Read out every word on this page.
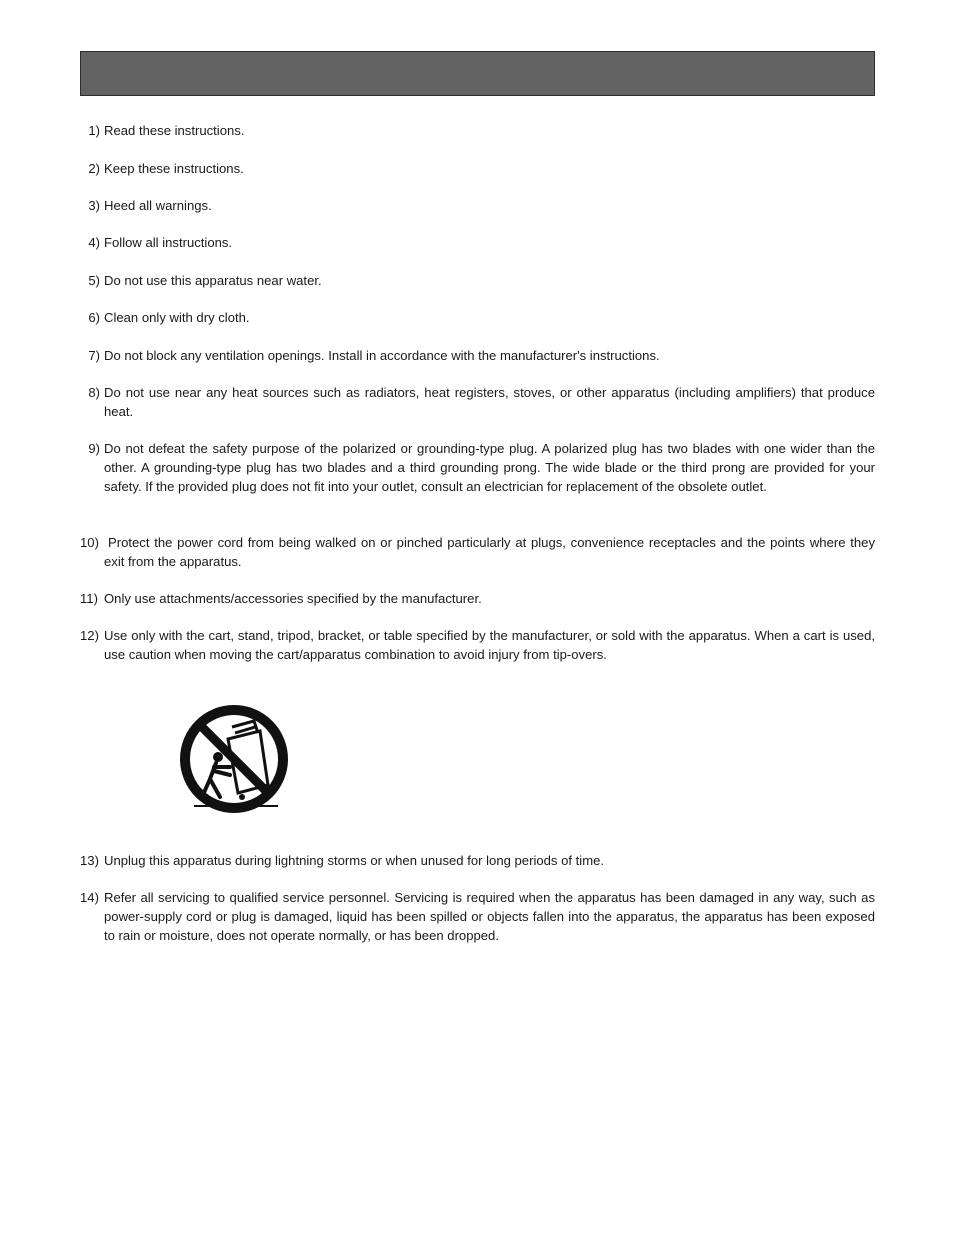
1) Read these instructions.
2) Keep these instructions.
3) Heed all warnings.
4) Follow all instructions.
5) Do not use this apparatus near water.
6) Clean only with dry cloth.
7) Do not block any ventilation openings. Install in accordance with the manufacturer's instructions.
8) Do not use near any heat sources such as radiators, heat registers, stoves, or other apparatus (including amplifiers) that produce heat.
9) Do not defeat the safety purpose of the polarized or grounding-type plug. A polarized plug has two blades with one wider than the other. A grounding-type plug has two blades and a third grounding prong. The wide blade or the third prong are provided for your safety. If the provided plug does not fit into your outlet, consult an electrician for replacement of the obsolete outlet.
10) Protect the power cord from being walked on or pinched particularly at plugs, convenience receptacles and the points where they exit from the apparatus.
11) Only use attachments/accessories specified by the manufacturer.
12) Use only with the cart, stand, tripod, bracket, or table specified by the manufacturer, or sold with the apparatus. When a cart is used, use caution when moving the cart/apparatus combination to avoid injury from tip-overs.
13) Unplug this apparatus during lightning storms or when unused for long periods of time.
14) Refer all servicing to qualified service personnel. Servicing is required when the apparatus has been damaged in any way, such as power-supply cord or plug is damaged, liquid has been spilled or objects fallen into the apparatus, the apparatus has been exposed to rain or moisture, does not operate normally, or has been dropped.
